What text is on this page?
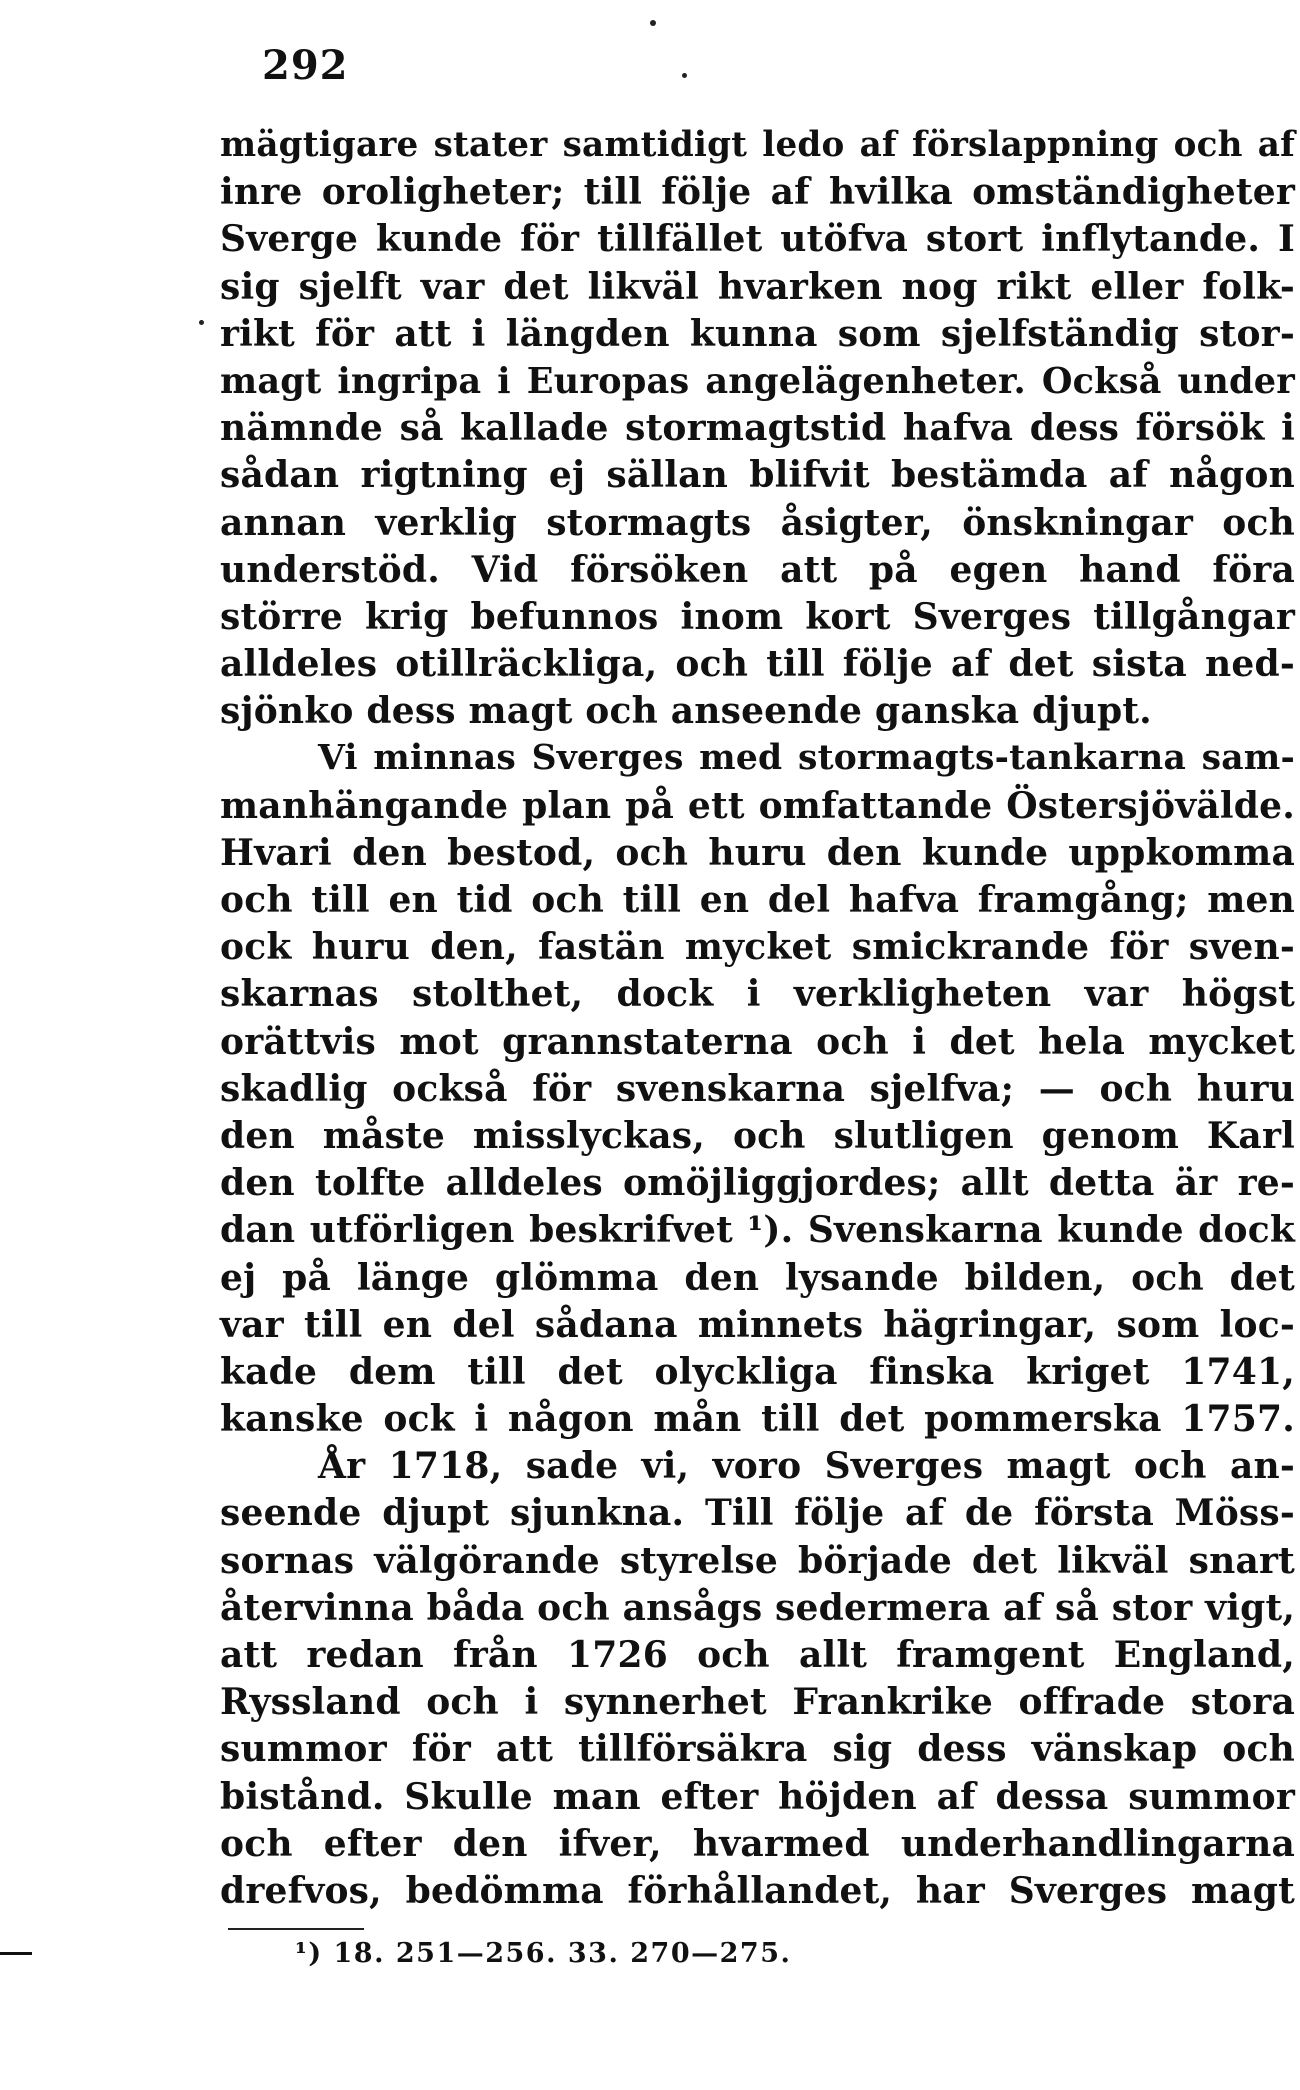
292
mägtigare stater samtidigt ledo af förslappning och af
inre oroligheter; till följe af hvilka omständigheter
Sverge kunde för tillfället utöfva stort inflytande. I
sig sjelft var det likväl hvarken nog rikt eller folk-
rikt för att i längden kunna som sjelfständig stor-
magt ingripa i Europas angelägenheter. Också under
nämnde så kallade stormagtstid hafva dess försök i
sådan rigtning ej sällan blifvit bestämda af någon
annan verklig stormagts åsigter, önskningar och
understöd. Vid försöken att på egen hand föra
större krig befunnos inom kort Sverges tillgångar
alldeles otillräckliga, och till följe af det sista ned-
sjönko dess magt och anseende ganska djupt.
Vi minnas Sverges med stormagts-tankarna sam-
manhängande plan på ett omfattande Östersjövälde.
Hvari den bestod, och huru den kunde uppkomma
och till en tid och till en del hafva framgång; men
ock huru den, fastän mycket smickrande för sven-
skarnas stolthet, dock i verkligheten var högst
orättvis mot grannstaterna och i det hela mycket
skadlig också för svenskarna sjelfva; — och huru
den måste misslyckas, och slutligen genom Karl
den tolfte alldeles omöjliggjordes; allt detta är re-
dan utförligen beskrifvet ¹). Svenskarna kunde dock
ej på länge glömma den lysande bilden, och det
var till en del sådana minnets hägringar, som loc-
kade dem till det olyckliga finska kriget 1741,
kanske ock i någon mån till det pommerska 1757.
År 1718, sade vi, voro Sverges magt och an-
seende djupt sjunkna. Till följe af de första Möss-
sornas välgörande styrelse började det likväl snart
återvinna båda och ansågs sedermera af så stor vigt,
att redan från 1726 och allt framgent England,
Ryssland och i synnerhet Frankrike offrade stora
summor för att tillförsäkra sig dess vänskap och
bistånd. Skulle man efter höjden af dessa summor
och efter den ifver, hvarmed underhandlingarna
drefvos, bedömma förhållandet, har Sverges magt
¹) 18. 251—256. 33. 270—275.
